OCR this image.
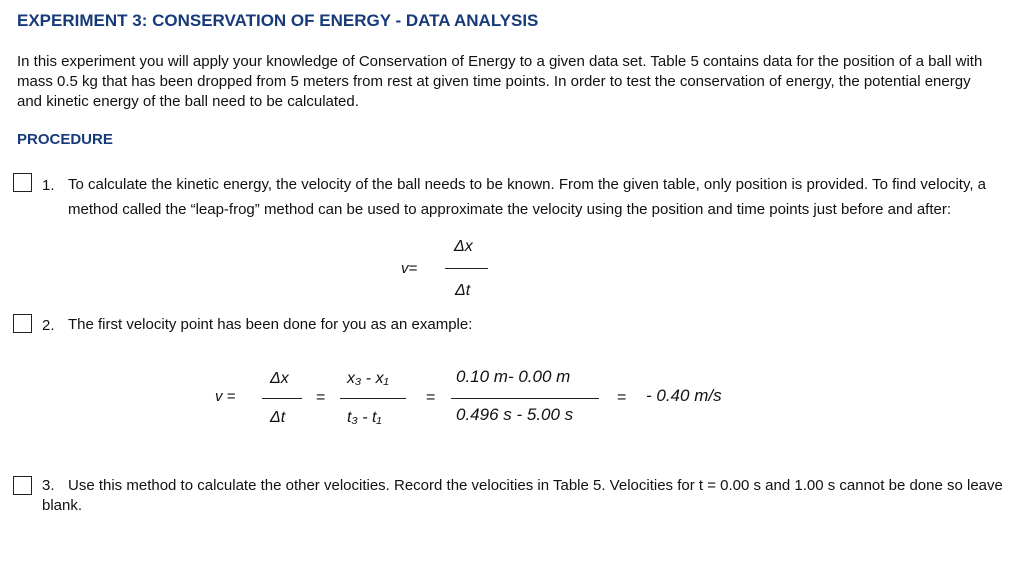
EXPERIMENT 3: CONSERVATION OF ENERGY - DATA ANALYSIS
In this experiment you will apply your knowledge of Conservation of Energy to a given data set. Table 5 contains data for the position of a ball with mass 0.5 kg that has been dropped from 5 meters from rest at given time points. In order to test the conservation of energy, the potential energy and kinetic energy of the ball need to be calculated.
PROCEDURE
1. To calculate the kinetic energy, the velocity of the ball needs to be known. From the given table, only position is provided. To find velocity, a method called the “leap-frog” method can be used to approximate the velocity using the position and time points just before and after:
v=
Δx
Δt
2. The first velocity point has been done for you as an example:
v =
Δx
Δt
=
x₃ - x₁
t₃ - t₁
=
0.10 m- 0.00 m
0.496 s - 5.00 s
= - 0.40 m/s
3. Use this method to calculate the other velocities. Record the velocities in Table 5. Velocities for t = 0.00 s and 1.00 s cannot be done so leave blank.
